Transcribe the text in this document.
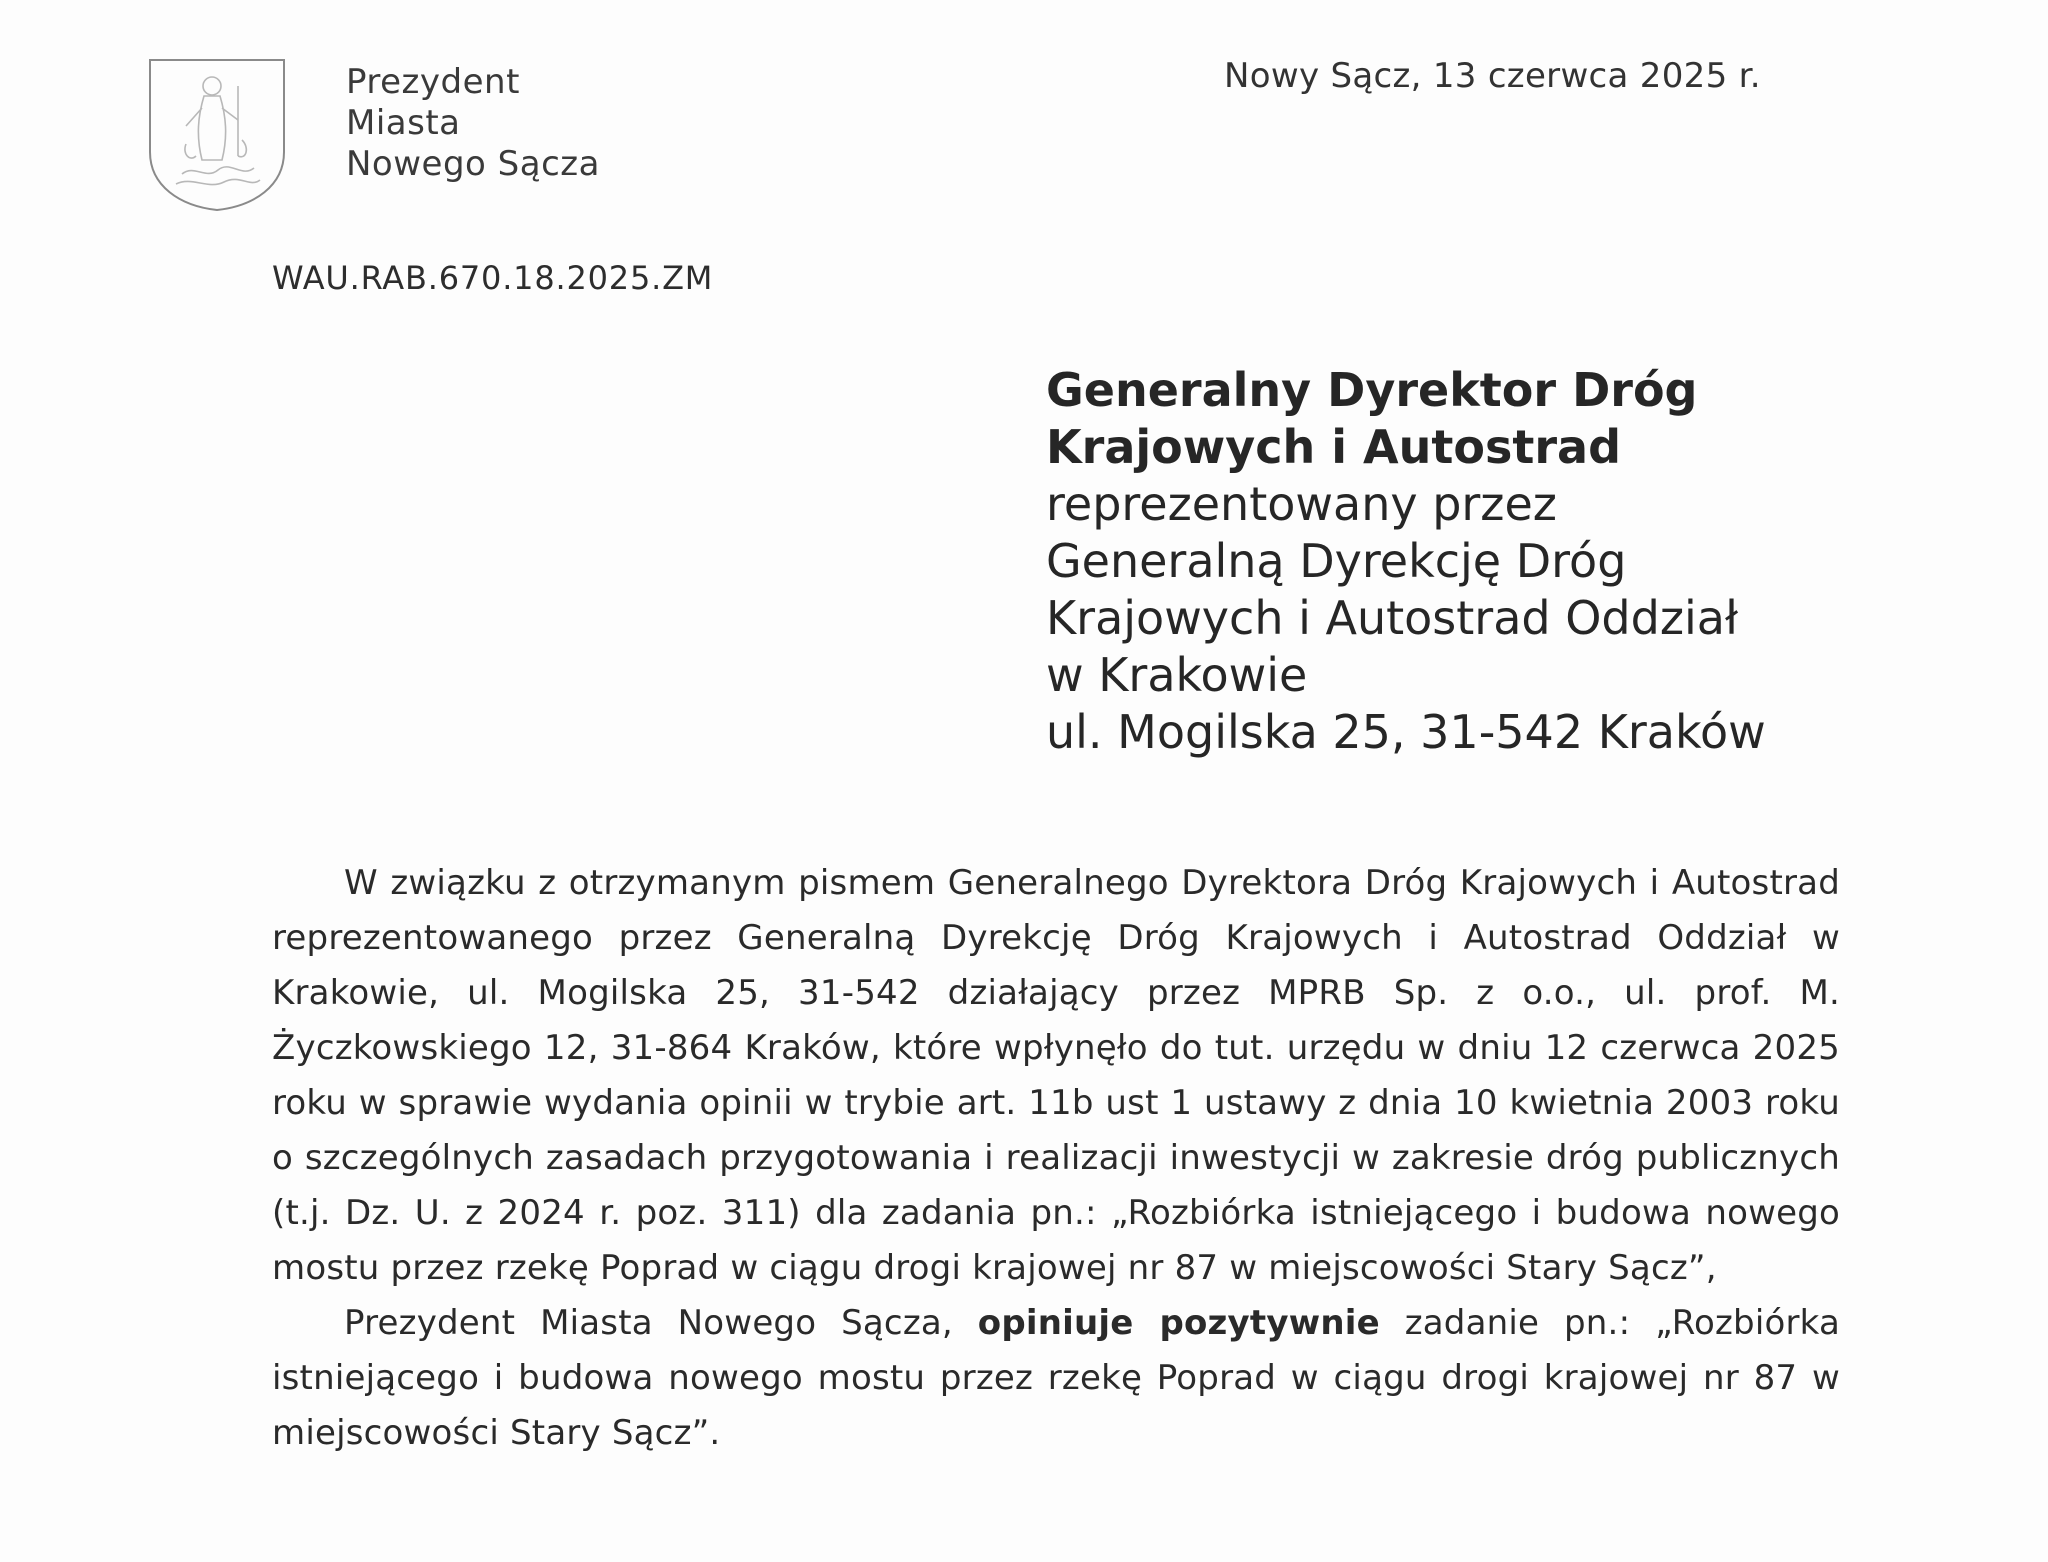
Prezydent
Miasta
Nowego Sącza
Nowy Sącz, 13 czerwca 2025 r.
WAU.RAB.670.18.2025.ZM
Generalny Dyrektor Dróg
Krajowych i Autostrad
reprezentowany przez
Generalną Dyrekcję Dróg
Krajowych i Autostrad Oddział
w Krakowie
ul. Mogilska 25, 31-542 Kraków

W związku z otrzymanym pismem Generalnego Dyrektora Dróg Krajowych i Autostrad reprezentowanego przez Generalną Dyrekcję Dróg Krajowych i Autostrad Oddział w Krakowie, ul. Mogilska 25, 31-542 działający przez MPRB Sp. z o.o., ul. prof. M. Życzkowskiego 12, 31-864 Kraków, które wpłynęło do tut. urzędu w dniu 12 czerwca 2025 roku w sprawie wydania opinii w trybie art. 11b ust 1 ustawy z dnia 10 kwietnia 2003 roku o szczególnych zasadach przygotowania i realizacji inwestycji w zakresie dróg publicznych (t.j. Dz. U. z 2024 r. poz. 311) dla zadania pn.: „Rozbiórka istniejącego i budowa nowego mostu przez rzekę Poprad w ciągu drogi krajowej nr 87 w miejscowości Stary Sącz”,

Prezydent Miasta Nowego Sącza, opiniuje pozytywnie zadanie pn.: „Rozbiórka istniejącego i budowa nowego mostu przez rzekę Poprad w ciągu drogi krajowej nr 87 w miejscowości Stary Sącz”.
